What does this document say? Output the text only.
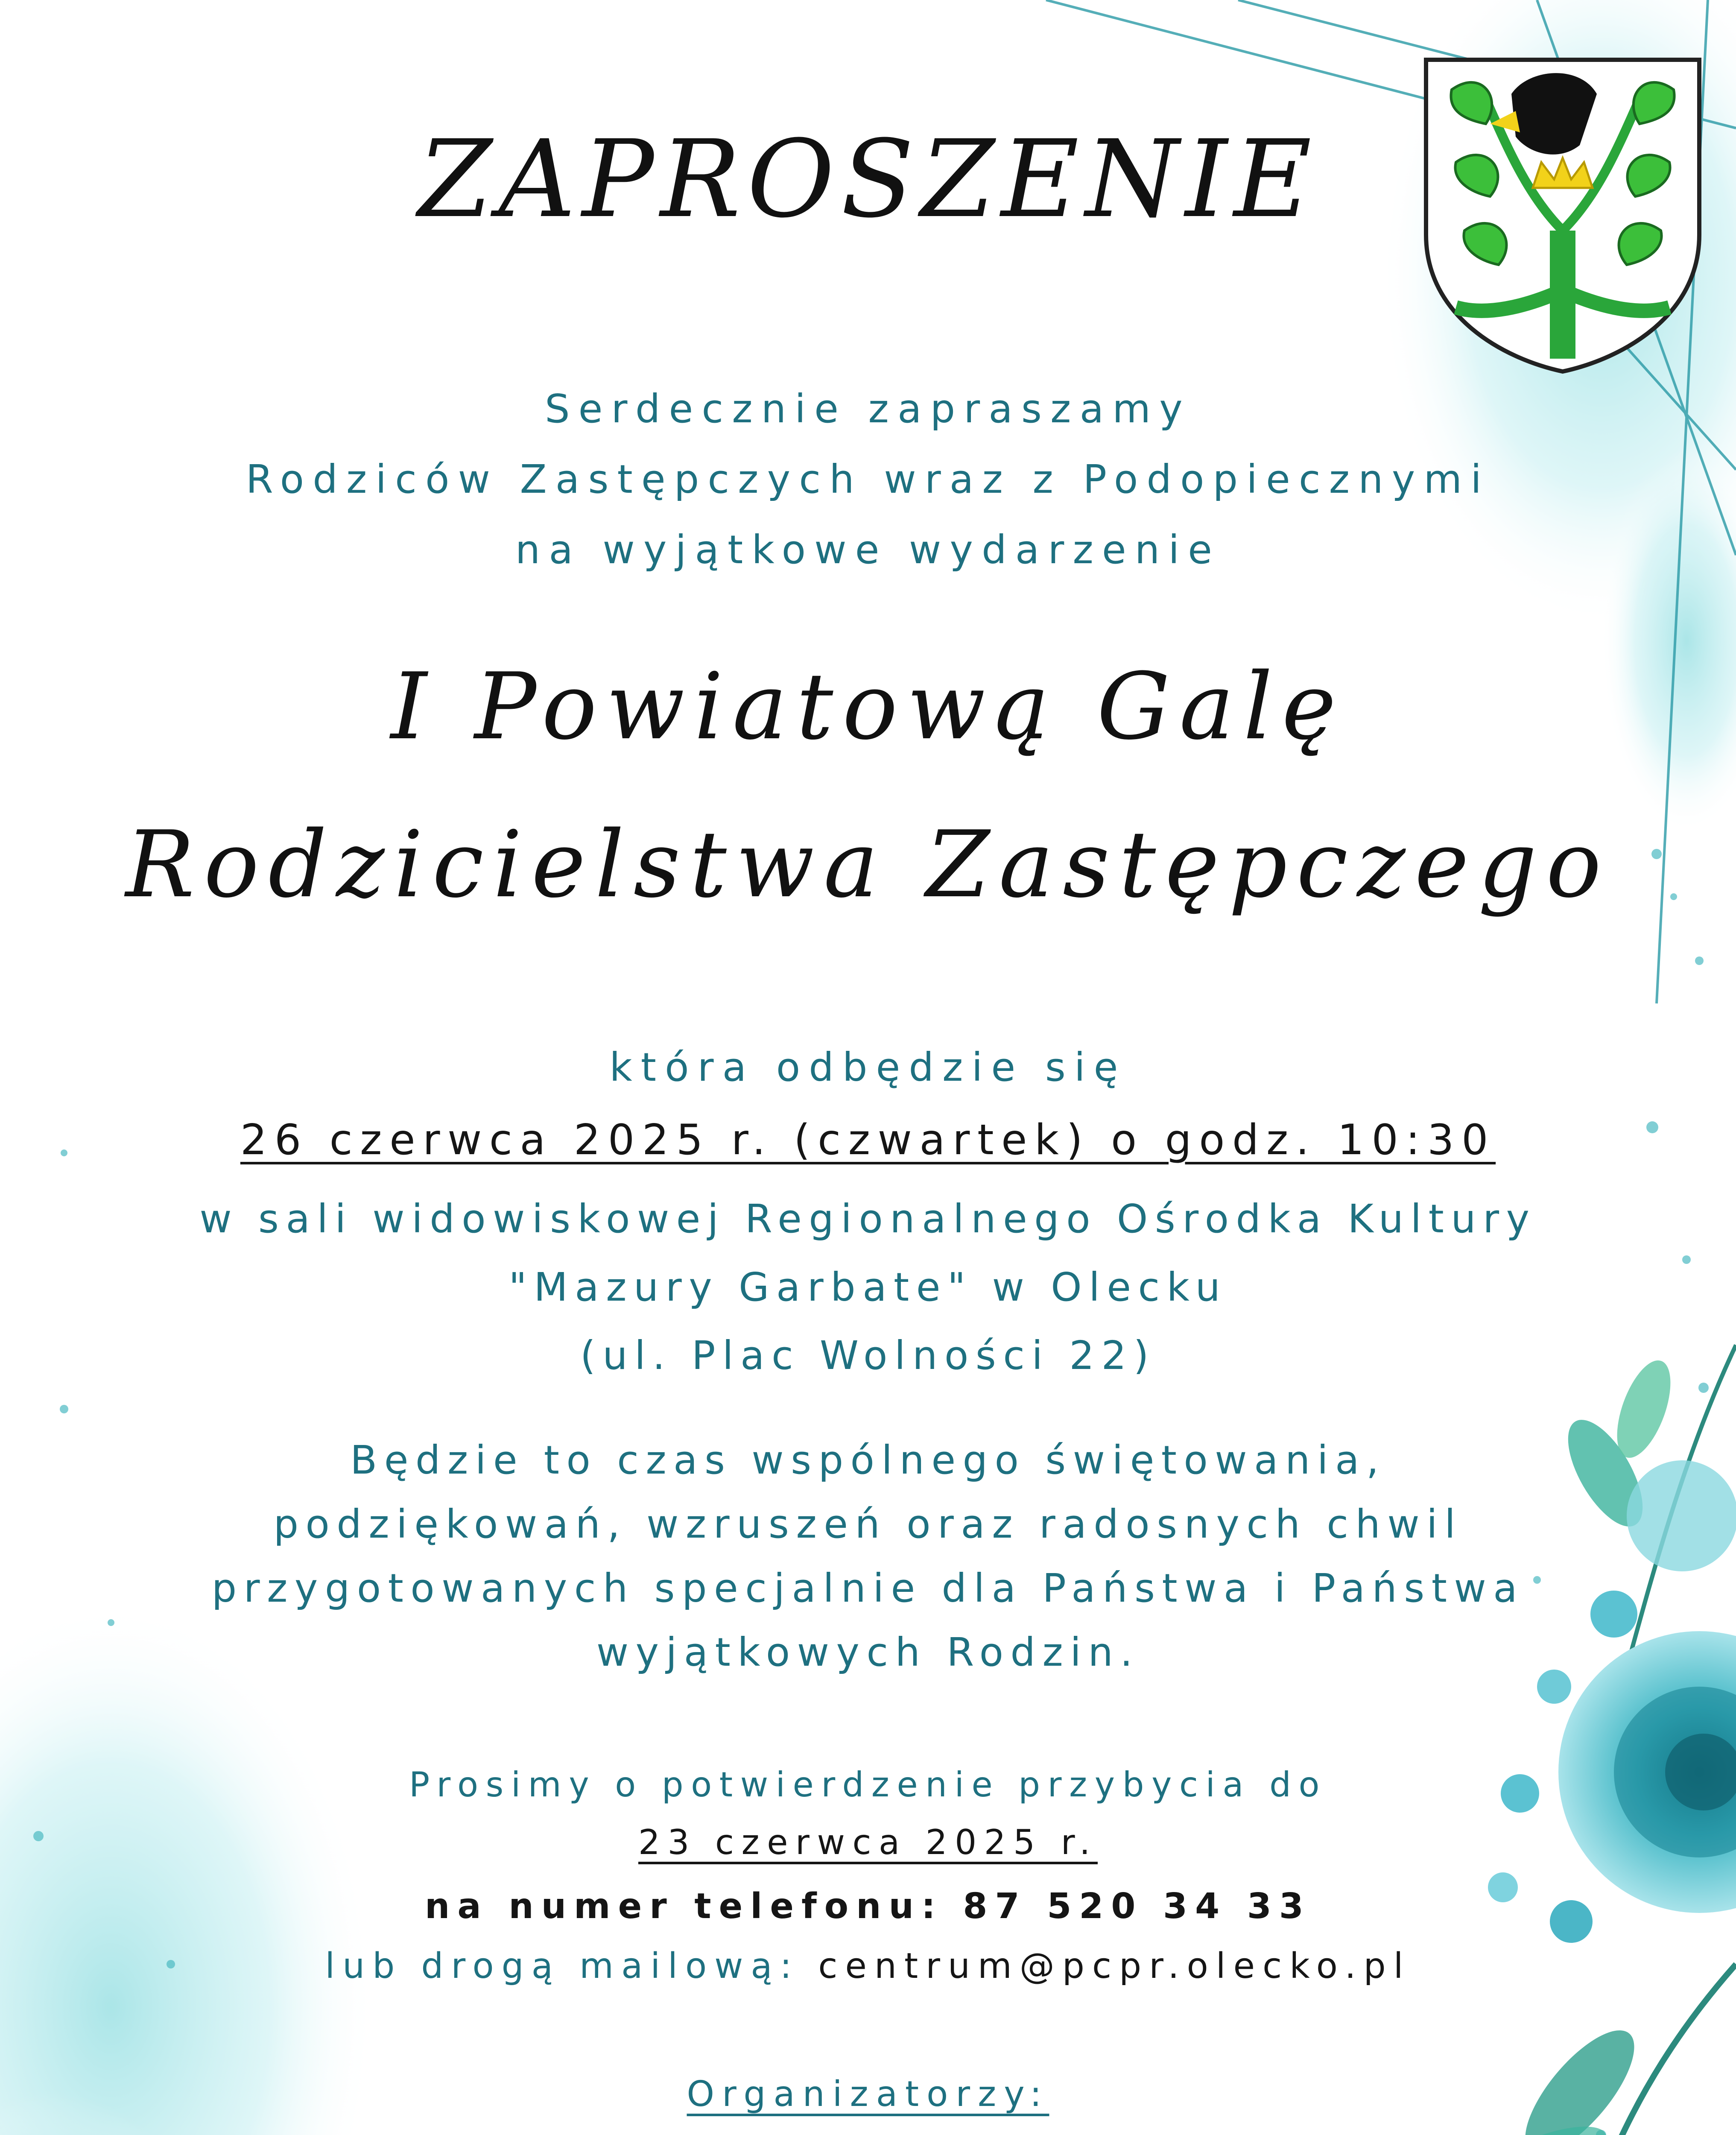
ZAPROSZENIE
Serdecznie zapraszamy
Rodziców Zastępczych wraz z Podopiecznymi
na wyjątkowe wydarzenie
I Powiatową Galę
Rodzicielstwa Zastępczego
która odbędzie się
26 czerwca 2025 r. (czwartek) o godz. 10:30
w sali widowiskowej Regionalnego Ośrodka Kultury
"Mazury Garbate" w Olecku
(ul. Plac Wolności 22)
Będzie to czas wspólnego świętowania,
podziękowań, wzruszeń oraz radosnych chwil
przygotowanych specjalnie dla Państwa i Państwa
wyjątkowych Rodzin.
Prosimy o potwierdzenie przybycia do
23 czerwca 2025 r.
na numer telefonu: 87 520 34 33
lub drogą mailową: centrum@pcpr.olecko.pl
Organizatorzy:
